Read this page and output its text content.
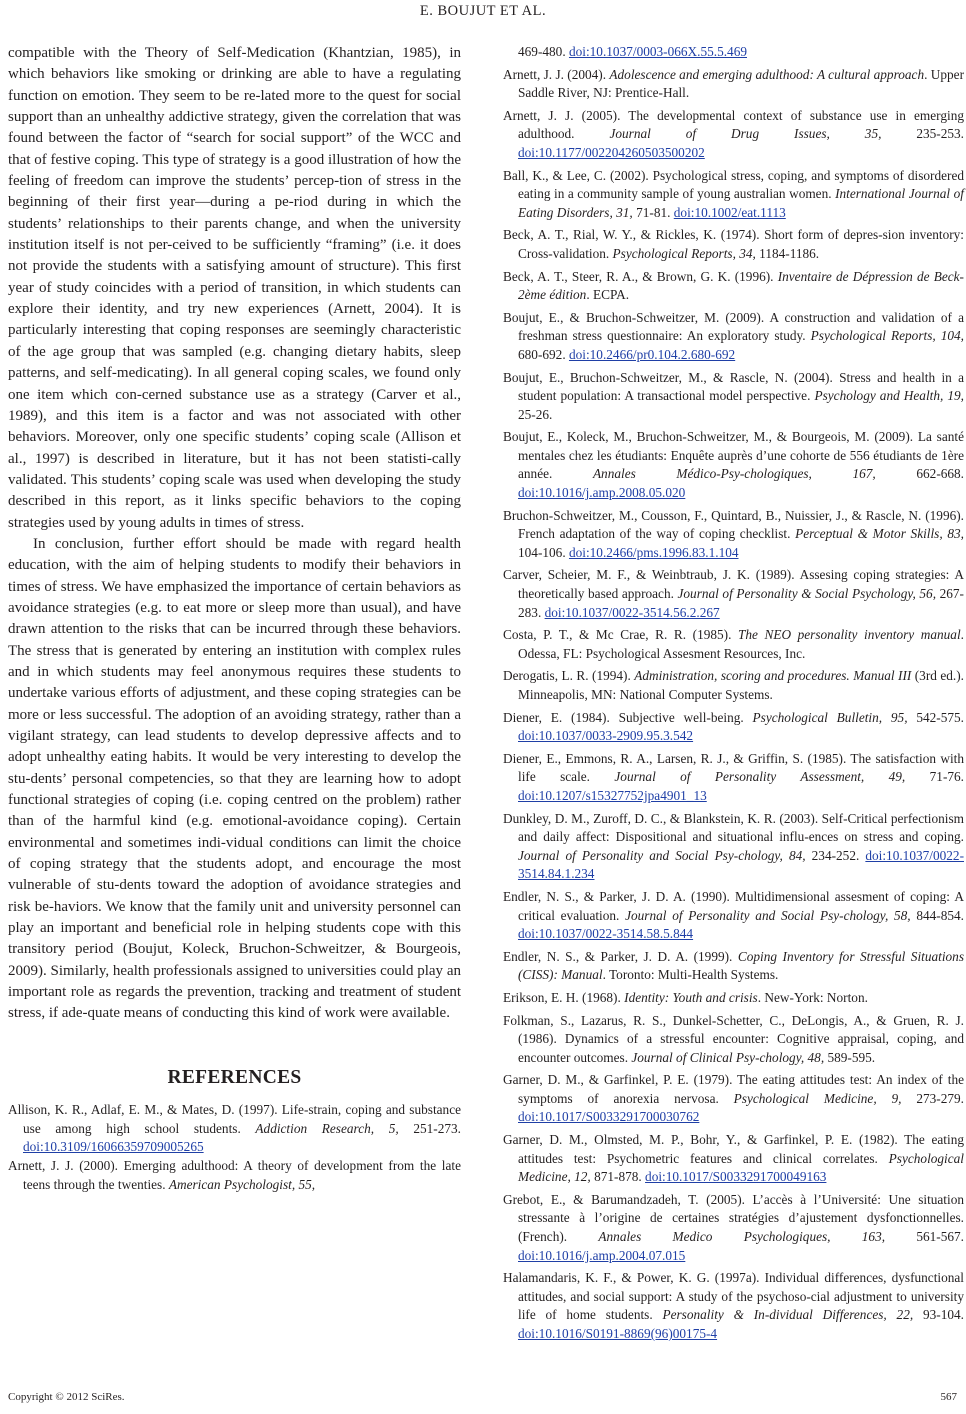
E. BOUJUT ET AL.

compatible with the Theory of Self-Medication (Khantzian, 1985), in which behaviors like smoking or drinking are able to have a regulating function on emotion. They seem to be re-lated more to the quest for social support than an unhealthy addictive strategy, given the correlation that was found between the factor of “search for social support” of the WCC and that of festive coping. This type of strategy is a good illustration of how the feeling of freedom can improve the students’ percep-tion of stress in the beginning of their first year—during a pe-riod during in which the students’ relationships to their parents change, and when the university institution itself is not per-ceived to be sufficiently “framing” (i.e. it does not provide the students with a satisfying amount of structure). This first year of study coincides with a period of transition, in which students can explore their identity, and try new experiences (Arnett, 2004). It is particularly interesting that coping responses are seemingly characteristic of the age group that was sampled (e.g. changing dietary habits, sleep patterns, and self-medicating). In all general coping scales, we found only one item which con-cerned substance use as a strategy (Carver et al., 1989), and this item is a factor and was not associated with other behaviors. Moreover, only one specific students’ coping scale (Allison et al., 1997) is described in literature, but it has not been statisti-cally validated. This students’ coping scale was used when developing the study described in this report, as it links specific behaviors to the coping strategies used by young adults in times of stress.

In conclusion, further effort should be made with regard health education, with the aim of helping students to modify their behaviors in times of stress. We have emphasized the importance of certain behaviors as avoidance strategies (e.g. to eat more or sleep more than usual), and have drawn attention to the risks that can be incurred through these behaviors. The stress that is generated by entering an institution with complex rules and in which students may feel anonymous requires these students to undertake various efforts of adjustment, and these coping strategies can be more or less successful. The adoption of an avoiding strategy, rather than a vigilant strategy, can lead students to develop depressive affects and to adopt unhealthy eating habits. It would be very interesting to develop the stu-dents’ personal competencies, so that they are learning how to adopt functional strategies of coping (i.e. coping centred on the problem) rather than of the harmful kind (e.g. emotional-avoidance coping). Certain environmental and sometimes indi-vidual conditions can limit the choice of coping strategy that the students adopt, and encourage the most vulnerable of stu-dents toward the adoption of avoidance strategies and risk be-haviors. We know that the family unit and university personnel can play an important and beneficial role in helping students cope with this transitory period (Boujut, Koleck, Bruchon-Schweitzer, & Bourgeois, 2009). Similarly, health professionals assigned to universities could play an important role as regards the prevention, tracking and treatment of student stress, if ade-quate means of conducting this kind of work were available.

REFERENCES

Allison, K. R., Adlaf, E. M., & Mates, D. (1997). Life-strain, coping and substance use among high school students. Addiction Research, 5, 251-273. doi:10.3109/16066359709005265

Arnett, J. J. (2000). Emerging adulthood: A theory of development from the late teens through the twenties. American Psychologist, 55,

469-480. doi:10.1037/0003-066X.55.5.469

Arnett, J. J. (2004). Adolescence and emerging adulthood: A cultural approach. Upper Saddle River, NJ: Prentice-Hall.

Arnett, J. J. (2005). The developmental context of substance use in emerging adulthood. Journal of Drug Issues, 35, 235-253. doi:10.1177/002204260503500202

Ball, K., & Lee, C. (2002). Psychological stress, coping, and symptoms of disordered eating in a community sample of young australian women. International Journal of Eating Disorders, 31, 71-81. doi:10.1002/eat.1113

Beck, A. T., Rial, W. Y., & Rickles, K. (1974). Short form of depres-sion inventory: Cross-validation. Psychological Reports, 34, 1184-1186.

Beck, A. T., Steer, R. A., & Brown, G. K. (1996). Inventaire de Dépression de Beck-2ème édition. ECPA.

Boujut, E., & Bruchon-Schweitzer, M. (2009). A construction and validation of a freshman stress questionnaire: An exploratory study. Psychological Reports, 104, 680-692. doi:10.2466/pr0.104.2.680-692

Boujut, E., Bruchon-Schweitzer, M., & Rascle, N. (2004). Stress and health in a student population: A transactional model perspective. Psychology and Health, 19, 25-26.

Boujut, E., Koleck, M., Bruchon-Schweitzer, M., & Bourgeois, M. (2009). La santé mentales chez les étudiants: Enquête auprès d’une cohorte de 556 étudiants de 1ère année. Annales Médico-Psy-chologiques, 167, 662-668. doi:10.1016/j.amp.2008.05.020

Bruchon-Schweitzer, M., Cousson, F., Quintard, B., Nuissier, J., & Rascle, N. (1996). French adaptation of the way of coping checklist. Perceptual & Motor Skills, 83, 104-106. doi:10.2466/pms.1996.83.1.104

Carver, Scheier, M. F., & Weinbtraub, J. K. (1989). Assesing coping strategies: A theoretically based approach. Journal of Personality & Social Psychology, 56, 267-283. doi:10.1037/0022-3514.56.2.267

Costa, P. T., & Mc Crae, R. R. (1985). The NEO personality inventory manual. Odessa, FL: Psychological Assesment Resources, Inc.

Derogatis, L. R. (1994). Administration, scoring and procedures. Manual III (3rd ed.). Minneapolis, MN: National Computer Systems.

Diener, E. (1984). Subjective well-being. Psychological Bulletin, 95, 542-575. doi:10.1037/0033-2909.95.3.542

Diener, E., Emmons, R. A., Larsen, R. J., & Griffin, S. (1985). The satisfaction with life scale. Journal of Personality Assessment, 49, 71-76. doi:10.1207/s15327752jpa4901_13

Dunkley, D. M., Zuroff, D. C., & Blankstein, K. R. (2003). Self-Critical perfectionism and daily affect: Dispositional and situational influ-ences on stress and coping. Journal of Personality and Social Psy-chology, 84, 234-252. doi:10.1037/0022-3514.84.1.234

Endler, N. S., & Parker, J. D. A. (1990). Multidimensional assesment of coping: A critical evaluation. Journal of Personality and Social Psy-chology, 58, 844-854. doi:10.1037/0022-3514.58.5.844

Endler, N. S., & Parker, J. D. A. (1999). Coping Inventory for Stressful Situations (CISS): Manual. Toronto: Multi-Health Systems.

Erikson, E. H. (1968). Identity: Youth and crisis. New-York: Norton.

Folkman, S., Lazarus, R. S., Dunkel-Schetter, C., DeLongis, A., & Gruen, R. J. (1986). Dynamics of a stressful encounter: Cognitive appraisal, coping, and encounter outcomes. Journal of Clinical Psy-chology, 48, 589-595.

Garner, D. M., & Garfinkel, P. E. (1979). The eating attitudes test: An index of the symptoms of anorexia nervosa. Psychological Medicine, 9, 273-279. doi:10.1017/S0033291700030762

Garner, D. M., Olmsted, M. P., Bohr, Y., & Garfinkel, P. E. (1982). The eating attitudes test: Psychometric features and clinical correlates. Psychological Medicine, 12, 871-878. doi:10.1017/S0033291700049163

Grebot, E., & Barumandzadeh, T. (2005). L’accès à l’Université: Une situation stressante à l’origine de certaines stratégies d’ajustement dysfonctionnelles. (French). Annales Medico Psychologiques, 163, 561-567. doi:10.1016/j.amp.2004.07.015

Halamandaris, K. F., & Power, K. G. (1997a). Individual differences, dysfunctional attitudes, and social support: A study of the psychoso-cial adjustment to university life of home students. Personality & In-dividual Differences, 22, 93-104. doi:10.1016/S0191-8869(96)00175-4

Copyright © 2012 SciRes.	567
